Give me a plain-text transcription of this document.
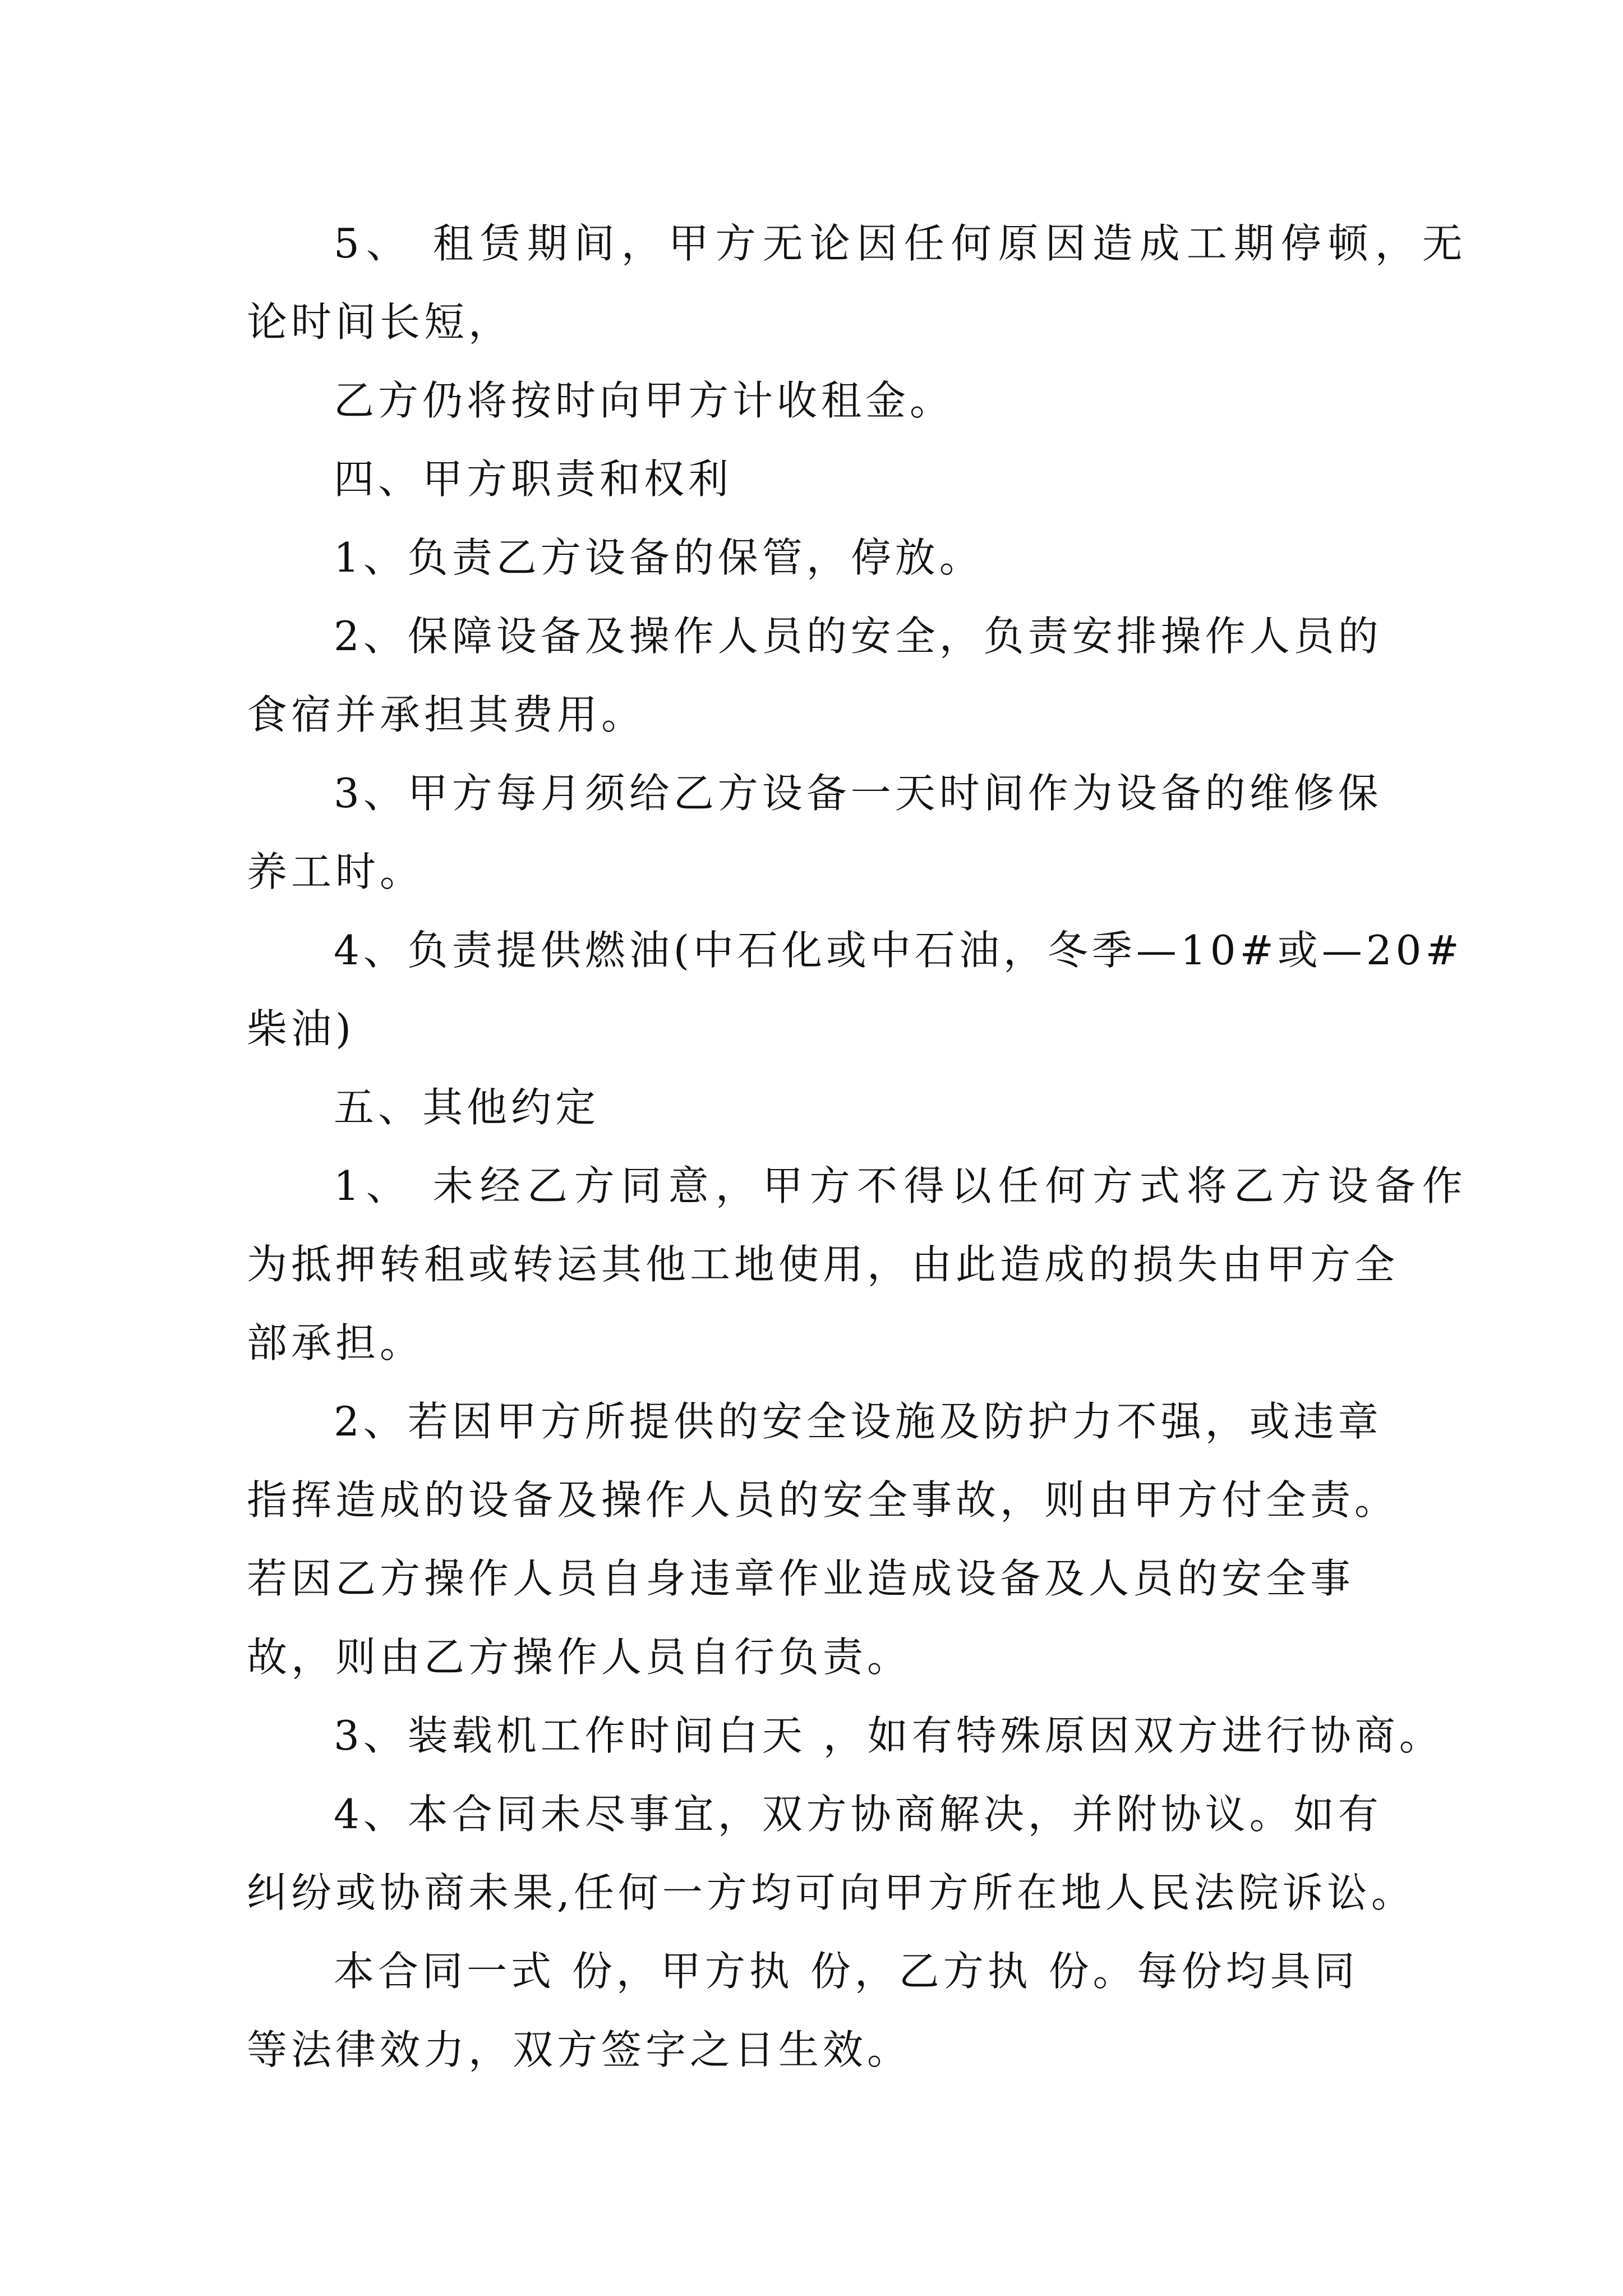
5、 租赁期间，甲方无论因任何原因造成工期停顿，无

论时间长短，

乙方仍将按时向甲方计收租金。

四、甲方职责和权利

1、负责乙方设备的保管，停放。

2、保障设备及操作人员的安全，负责安排操作人员的

食宿并承担其费用。

3、甲方每月须给乙方设备一天时间作为设备的维修保

养工时。

4、负责提供燃油(中石化或中石油，冬季—10#或—20#

柴油)

五、其他约定

1、 未经乙方同意，甲方不得以任何方式将乙方设备作

为抵押转租或转运其他工地使用，由此造成的损失由甲方全

部承担。

2、若因甲方所提供的安全设施及防护力不强，或违章

指挥造成的设备及操作人员的安全事故，则由甲方付全责。

若因乙方操作人员自身违章作业造成设备及人员的安全事

故，则由乙方操作人员自行负责。

3、装载机工作时间白天 ，如有特殊原因双方进行协商。

4、本合同未尽事宜，双方协商解决，并附协议。如有

纠纷或协商未果,任何一方均可向甲方所在地人民法院诉讼。

本合同一式 份，甲方执 份，乙方执 份。每份均具同

等法律效力，双方签字之日生效。
